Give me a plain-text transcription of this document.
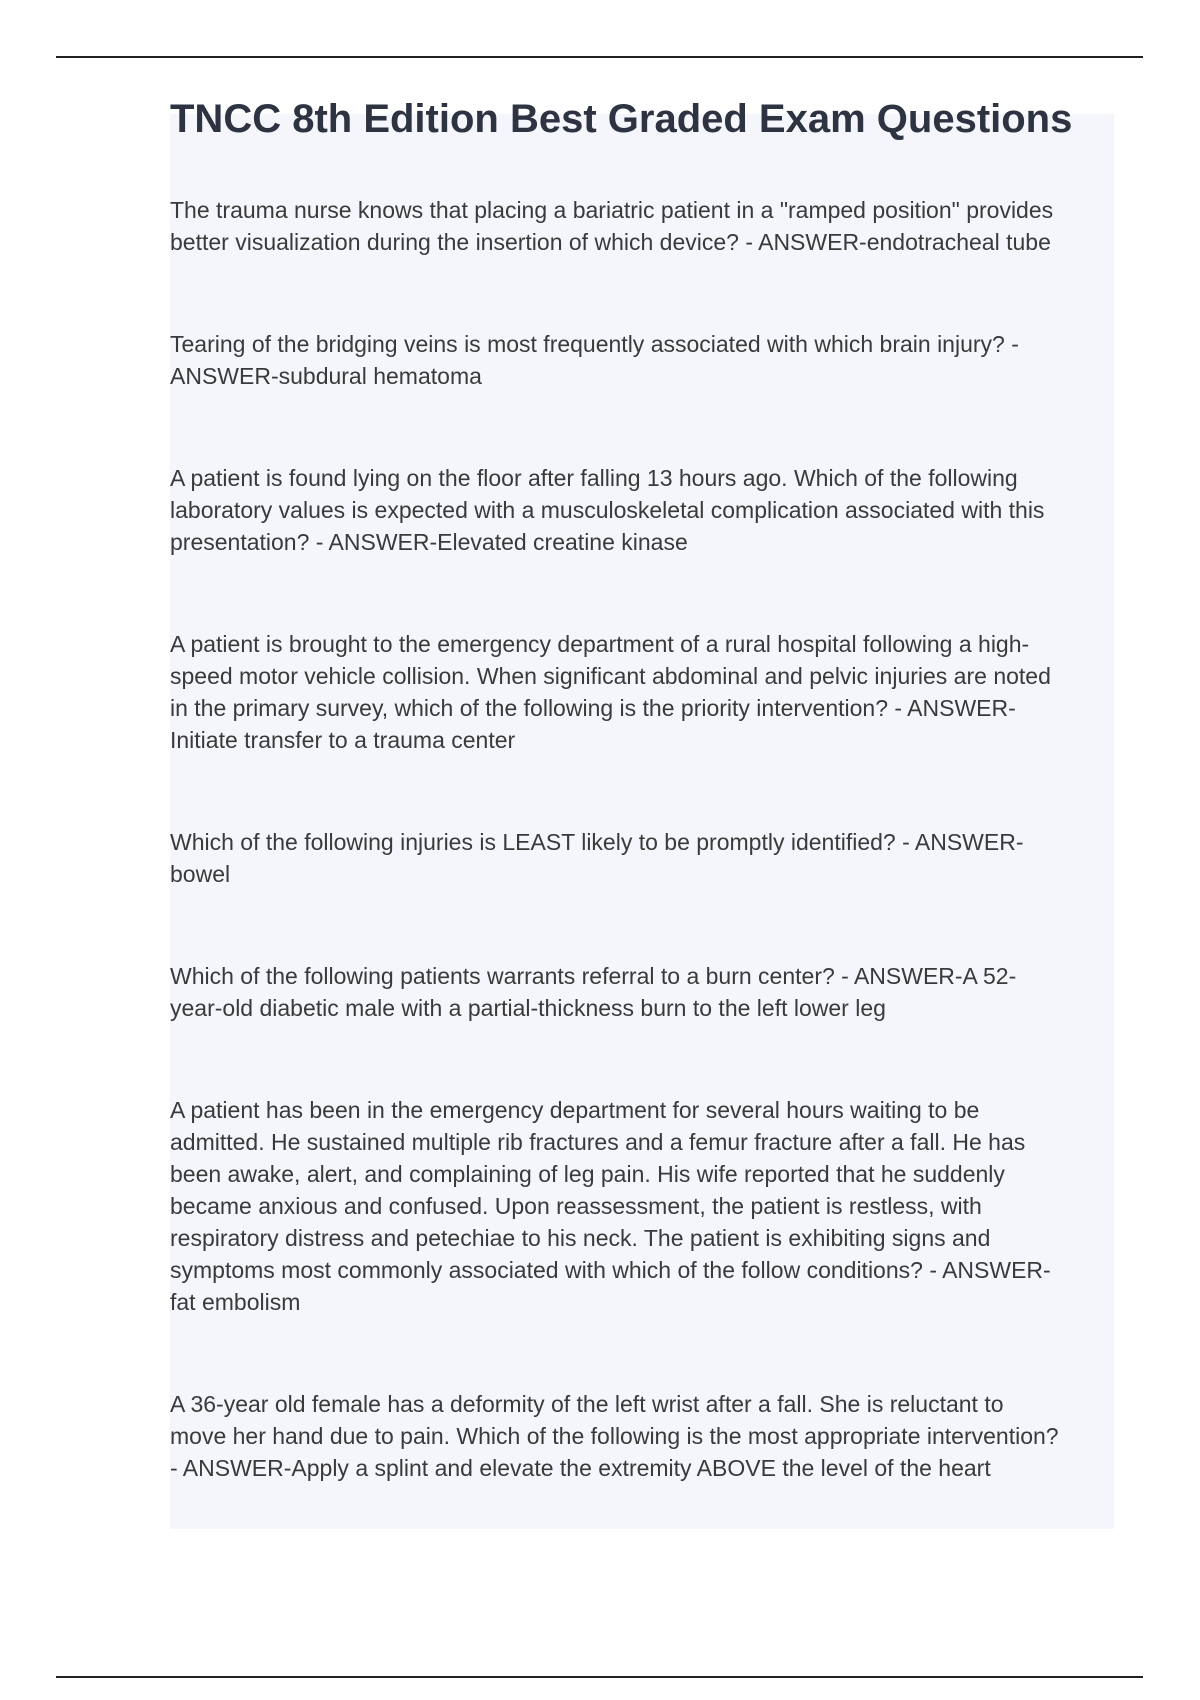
TNCC 8th Edition Best Graded Exam Questions
The trauma nurse knows that placing a bariatric patient in a "ramped position" provides
better visualization during the insertion of which device? - ANSWER-endotracheal tube
Tearing of the bridging veins is most frequently associated with which brain injury? -
ANSWER-subdural hematoma
A patient is found lying on the floor after falling 13 hours ago. Which of the following
laboratory values is expected with a musculoskeletal complication associated with this
presentation? - ANSWER-Elevated creatine kinase
A patient is brought to the emergency department of a rural hospital following a high-
speed motor vehicle collision. When significant abdominal and pelvic injuries are noted
in the primary survey, which of the following is the priority intervention? - ANSWER-
Initiate transfer to a trauma center
Which of the following injuries is LEAST likely to be promptly identified? - ANSWER-
bowel
Which of the following patients warrants referral to a burn center? - ANSWER-A 52-
year-old diabetic male with a partial-thickness burn to the left lower leg
A patient has been in the emergency department for several hours waiting to be
admitted. He sustained multiple rib fractures and a femur fracture after a fall. He has
been awake, alert, and complaining of leg pain. His wife reported that he suddenly
became anxious and confused. Upon reassessment, the patient is restless, with
respiratory distress and petechiae to his neck. The patient is exhibiting signs and
symptoms most commonly associated with which of the follow conditions? - ANSWER-
fat embolism
A 36-year old female has a deformity of the left wrist after a fall. She is reluctant to
move her hand due to pain. Which of the following is the most appropriate intervention?
- ANSWER-Apply a splint and elevate the extremity ABOVE the level of the heart
